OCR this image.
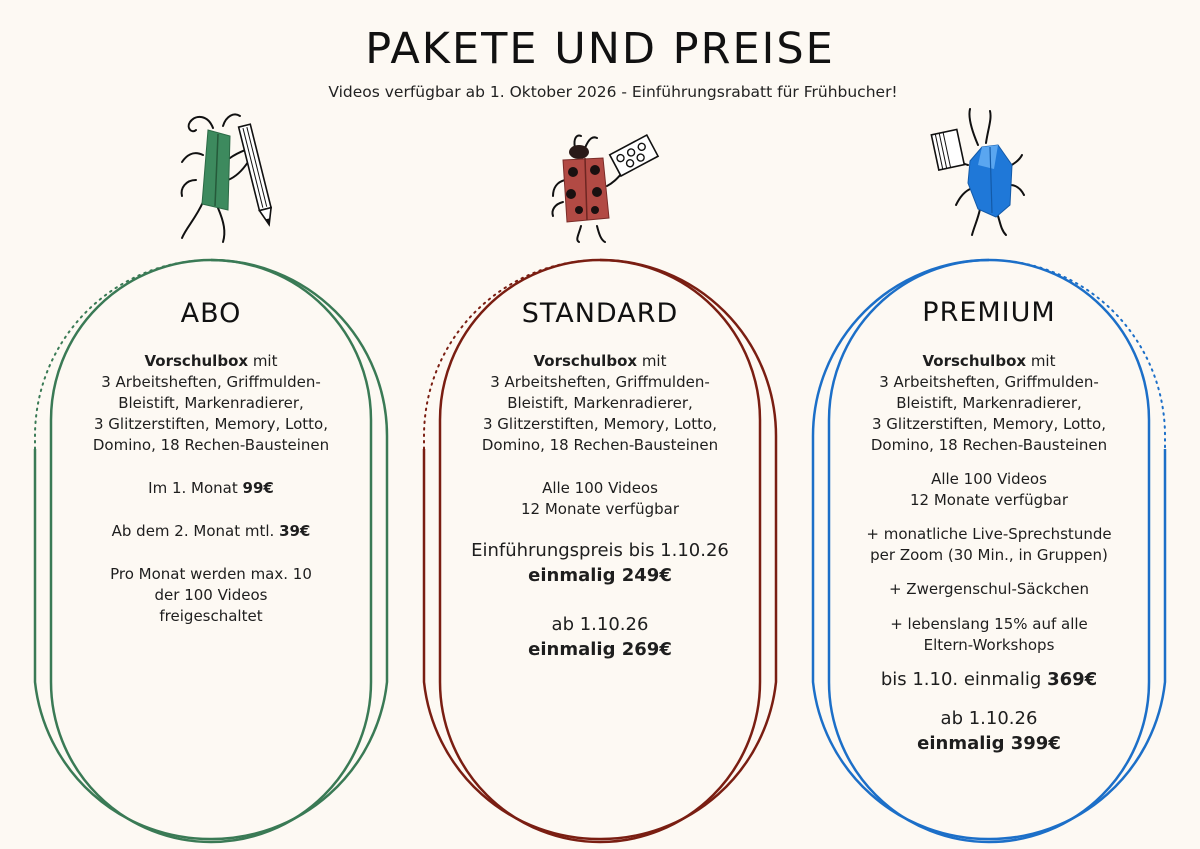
PAKETE UND PREISE
Videos verfügbar ab 1. Oktober 2026 - Einführungsrabatt für Frühbucher!
ABO
Vorschulbox mit
3 Arbeitsheften, Griffmulden-
Bleistift, Markenradierer,
3 Glitzerstiften, Memory, Lotto,
Domino, 18 Rechen-Bausteinen
Im 1. Monat 99€
Ab dem 2. Monat mtl. 39€
Pro Monat werden max. 10
der 100 Videos
freigeschaltet
STANDARD
Vorschulbox mit
3 Arbeitsheften, Griffmulden-
Bleistift, Markenradierer,
3 Glitzerstiften, Memory, Lotto,
Domino, 18 Rechen-Bausteinen
Alle 100 Videos
12 Monate verfügbar
Einführungspreis bis 1.10.26
einmalig 249€
ab 1.10.26
einmalig 269€
PREMIUM
Vorschulbox mit
3 Arbeitsheften, Griffmulden-
Bleistift, Markenradierer,
3 Glitzerstiften, Memory, Lotto,
Domino, 18 Rechen-Bausteinen
Alle 100 Videos
12 Monate verfügbar
+ monatliche Live-Sprechstunde
per Zoom (30 Min., in Gruppen)
+ Zwergenschul-Säckchen
+ lebenslang 15% auf alle
Eltern-Workshops
bis 1.10. einmalig 369€
ab 1.10.26
einmalig 399€
